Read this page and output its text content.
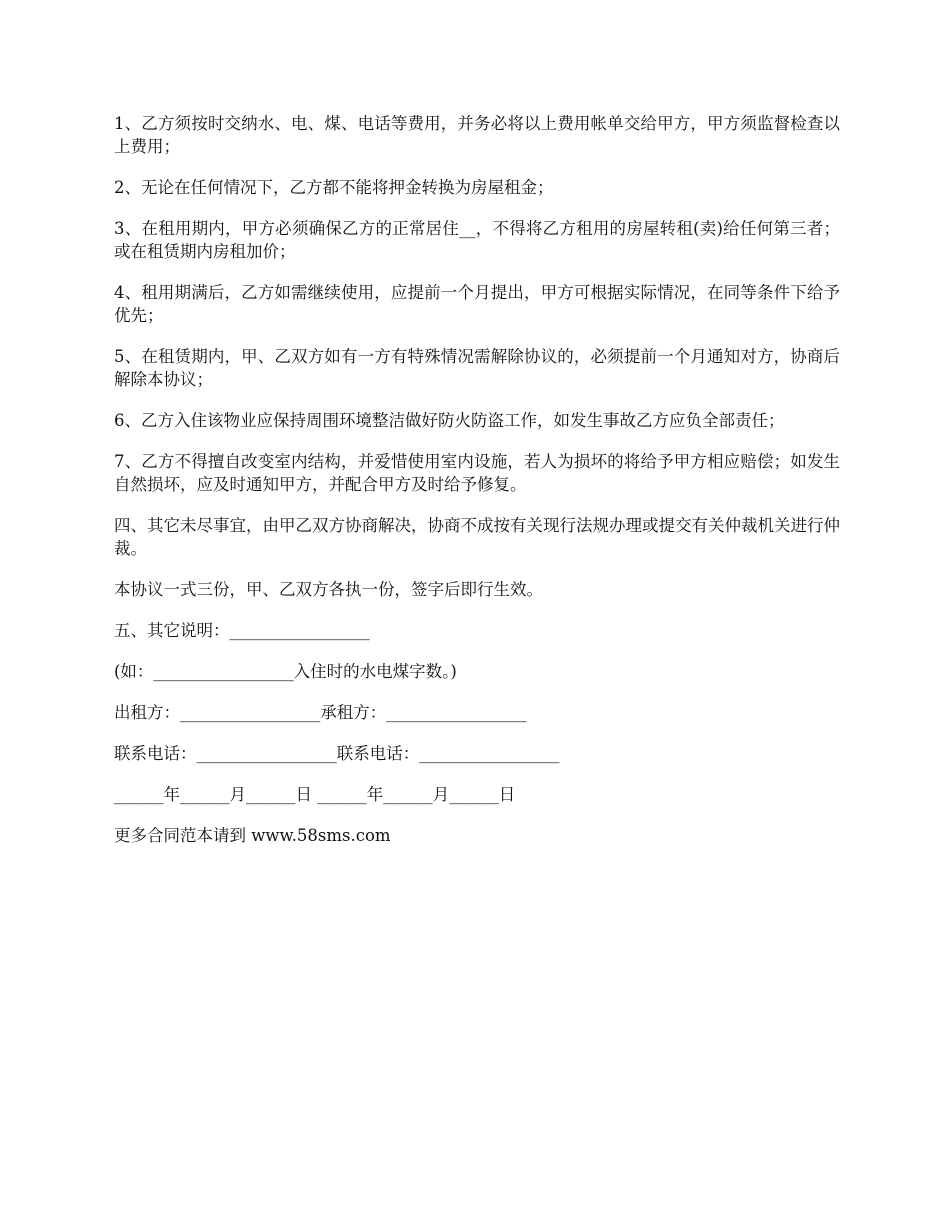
1、乙方须按时交纳水、电、煤、电话等费用，并务必将以上费用帐单交给甲方，甲方须监督检查以上费用；

2、无论在任何情况下，乙方都不能将押金转换为房屋租金；

3、在租用期内，甲方必须确保乙方的正常居住__，不得将乙方租用的房屋转租(卖)给任何第三者；或在租赁期内房租加价；

4、租用期满后，乙方如需继续使用，应提前一个月提出，甲方可根据实际情况，在同等条件下给予优先；

5、在租赁期内，甲、乙双方如有一方有特殊情况需解除协议的，必须提前一个月通知对方，协商后解除本协议；

6、乙方入住该物业应保持周围环境整洁做好防火防盗工作，如发生事故乙方应负全部责任；

7、乙方不得擅自改变室内结构，并爱惜使用室内设施，若人为损坏的将给予甲方相应赔偿；如发生自然损坏，应及时通知甲方，并配合甲方及时给予修复。

四、其它未尽事宜，由甲乙双方协商解决，协商不成按有关现行法规办理或提交有关仲裁机关进行仲裁。

本协议一式三份，甲、乙双方各执一份，签字后即行生效。

五、其它说明：_________________

(如：_________________入住时的水电煤字数。)

出租方：_________________承租方：_________________

联系电话：_________________联系电话：_________________

______年______月______日 ______年______月______日

更多合同范本请到 www.58sms.com
